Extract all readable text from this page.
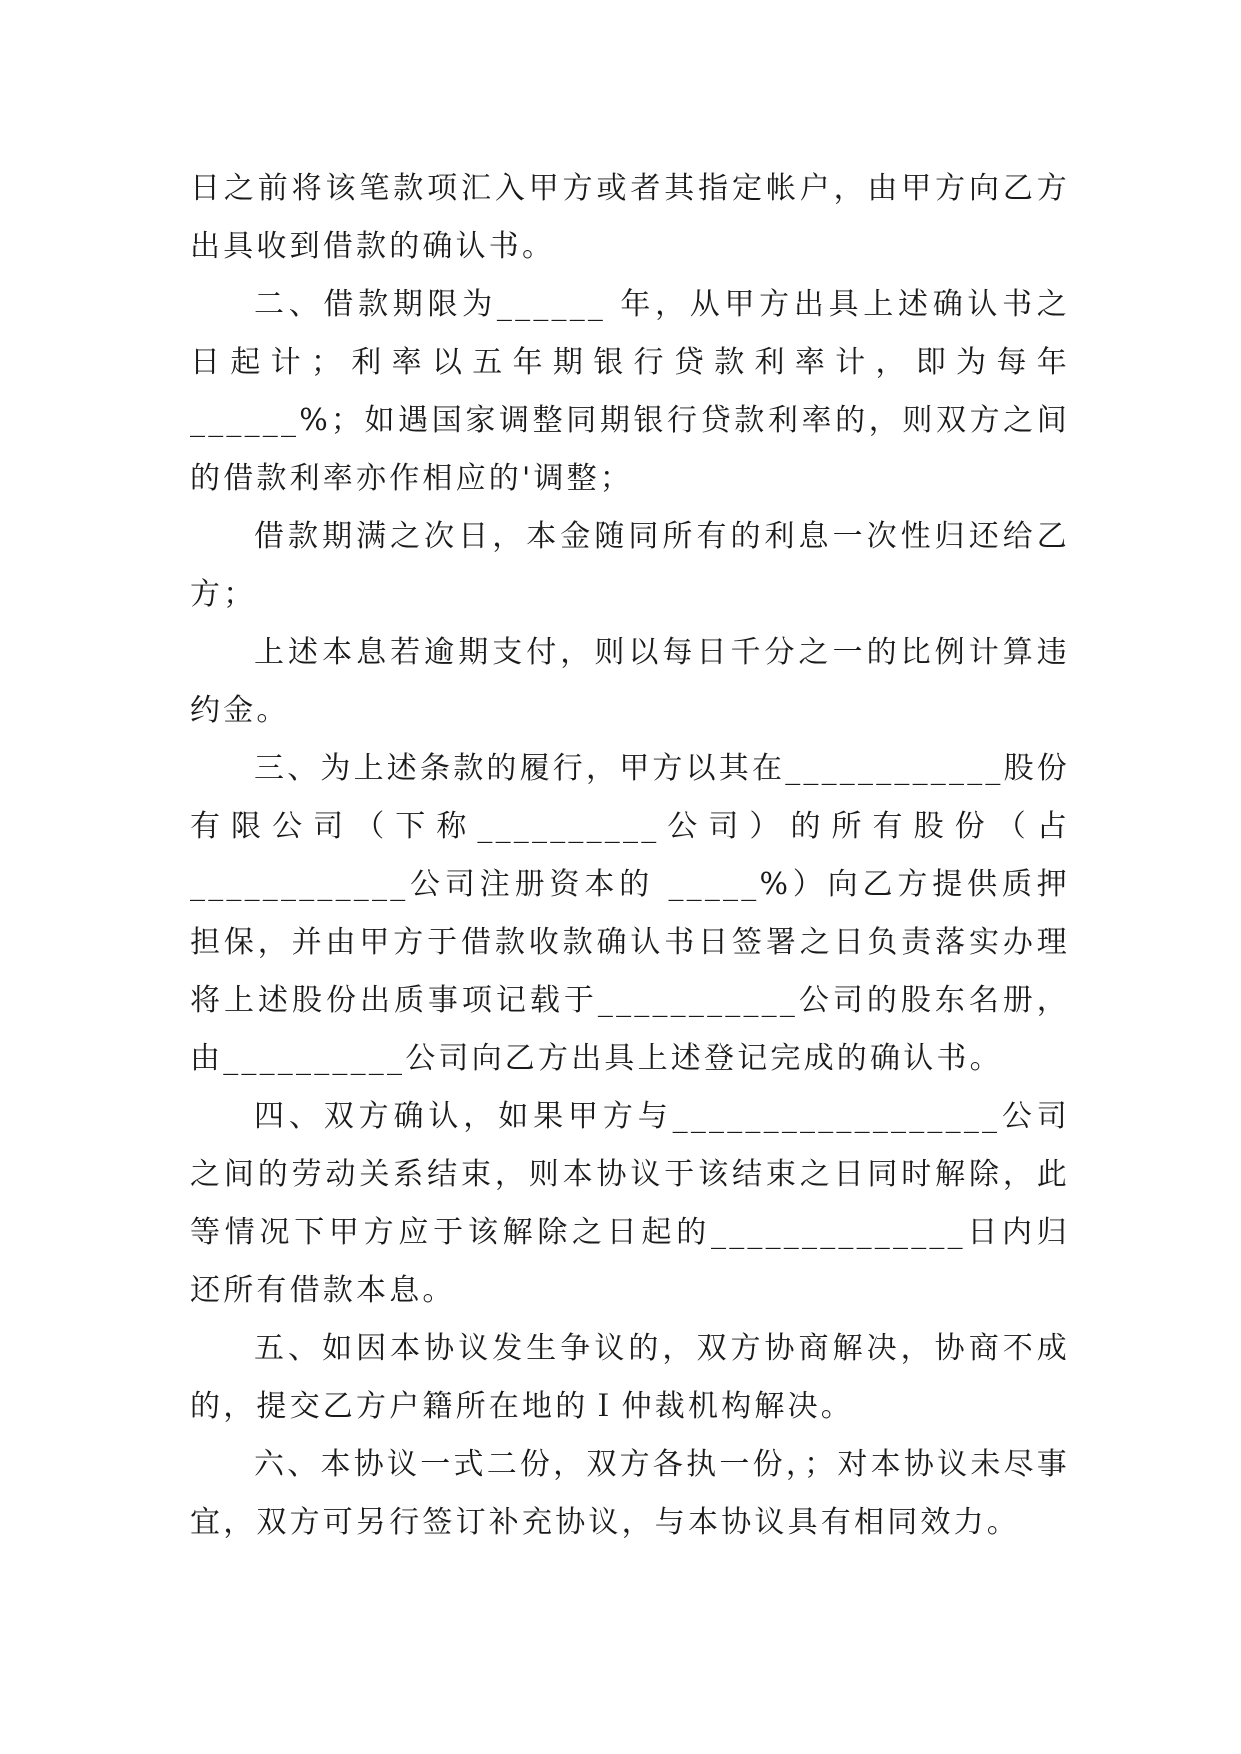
日之前将该笔款项汇入甲方或者其指定帐户，由甲方向乙方出具收到借款的确认书。

二、借款期限为______ 年，从甲方出具上述确认书之日起计；利率以五年期银行贷款利率计，即为每年______%；如遇国家调整同期银行贷款利率的，则双方之间的借款利率亦作相应的'调整；

借款期满之次日，本金随同所有的利息一次性归还给乙方；

上述本息若逾期支付，则以每日千分之一的比例计算违约金。

三、为上述条款的履行，甲方以其在____________股份有限公司（下称__________公司）的所有股份（占____________公司注册资本的 _____%）向乙方提供质押担保，并由甲方于借款收款确认书日签署之日负责落实办理将上述股份出质事项记载于___________公司的股东名册，由__________公司向乙方出具上述登记完成的确认书。

四、双方确认，如果甲方与__________________公司之间的劳动关系结束，则本协议于该结束之日同时解除，此等情况下甲方应于该解除之日起的______________日内归还所有借款本息。

五、如因本协议发生争议的，双方协商解决，协商不成的，提交乙方户籍所在地的Ｉ仲裁机构解决。

六、本协议一式二份，双方各执一份，；对本协议未尽事宜，双方可另行签订补充协议，与本协议具有相同效力。
